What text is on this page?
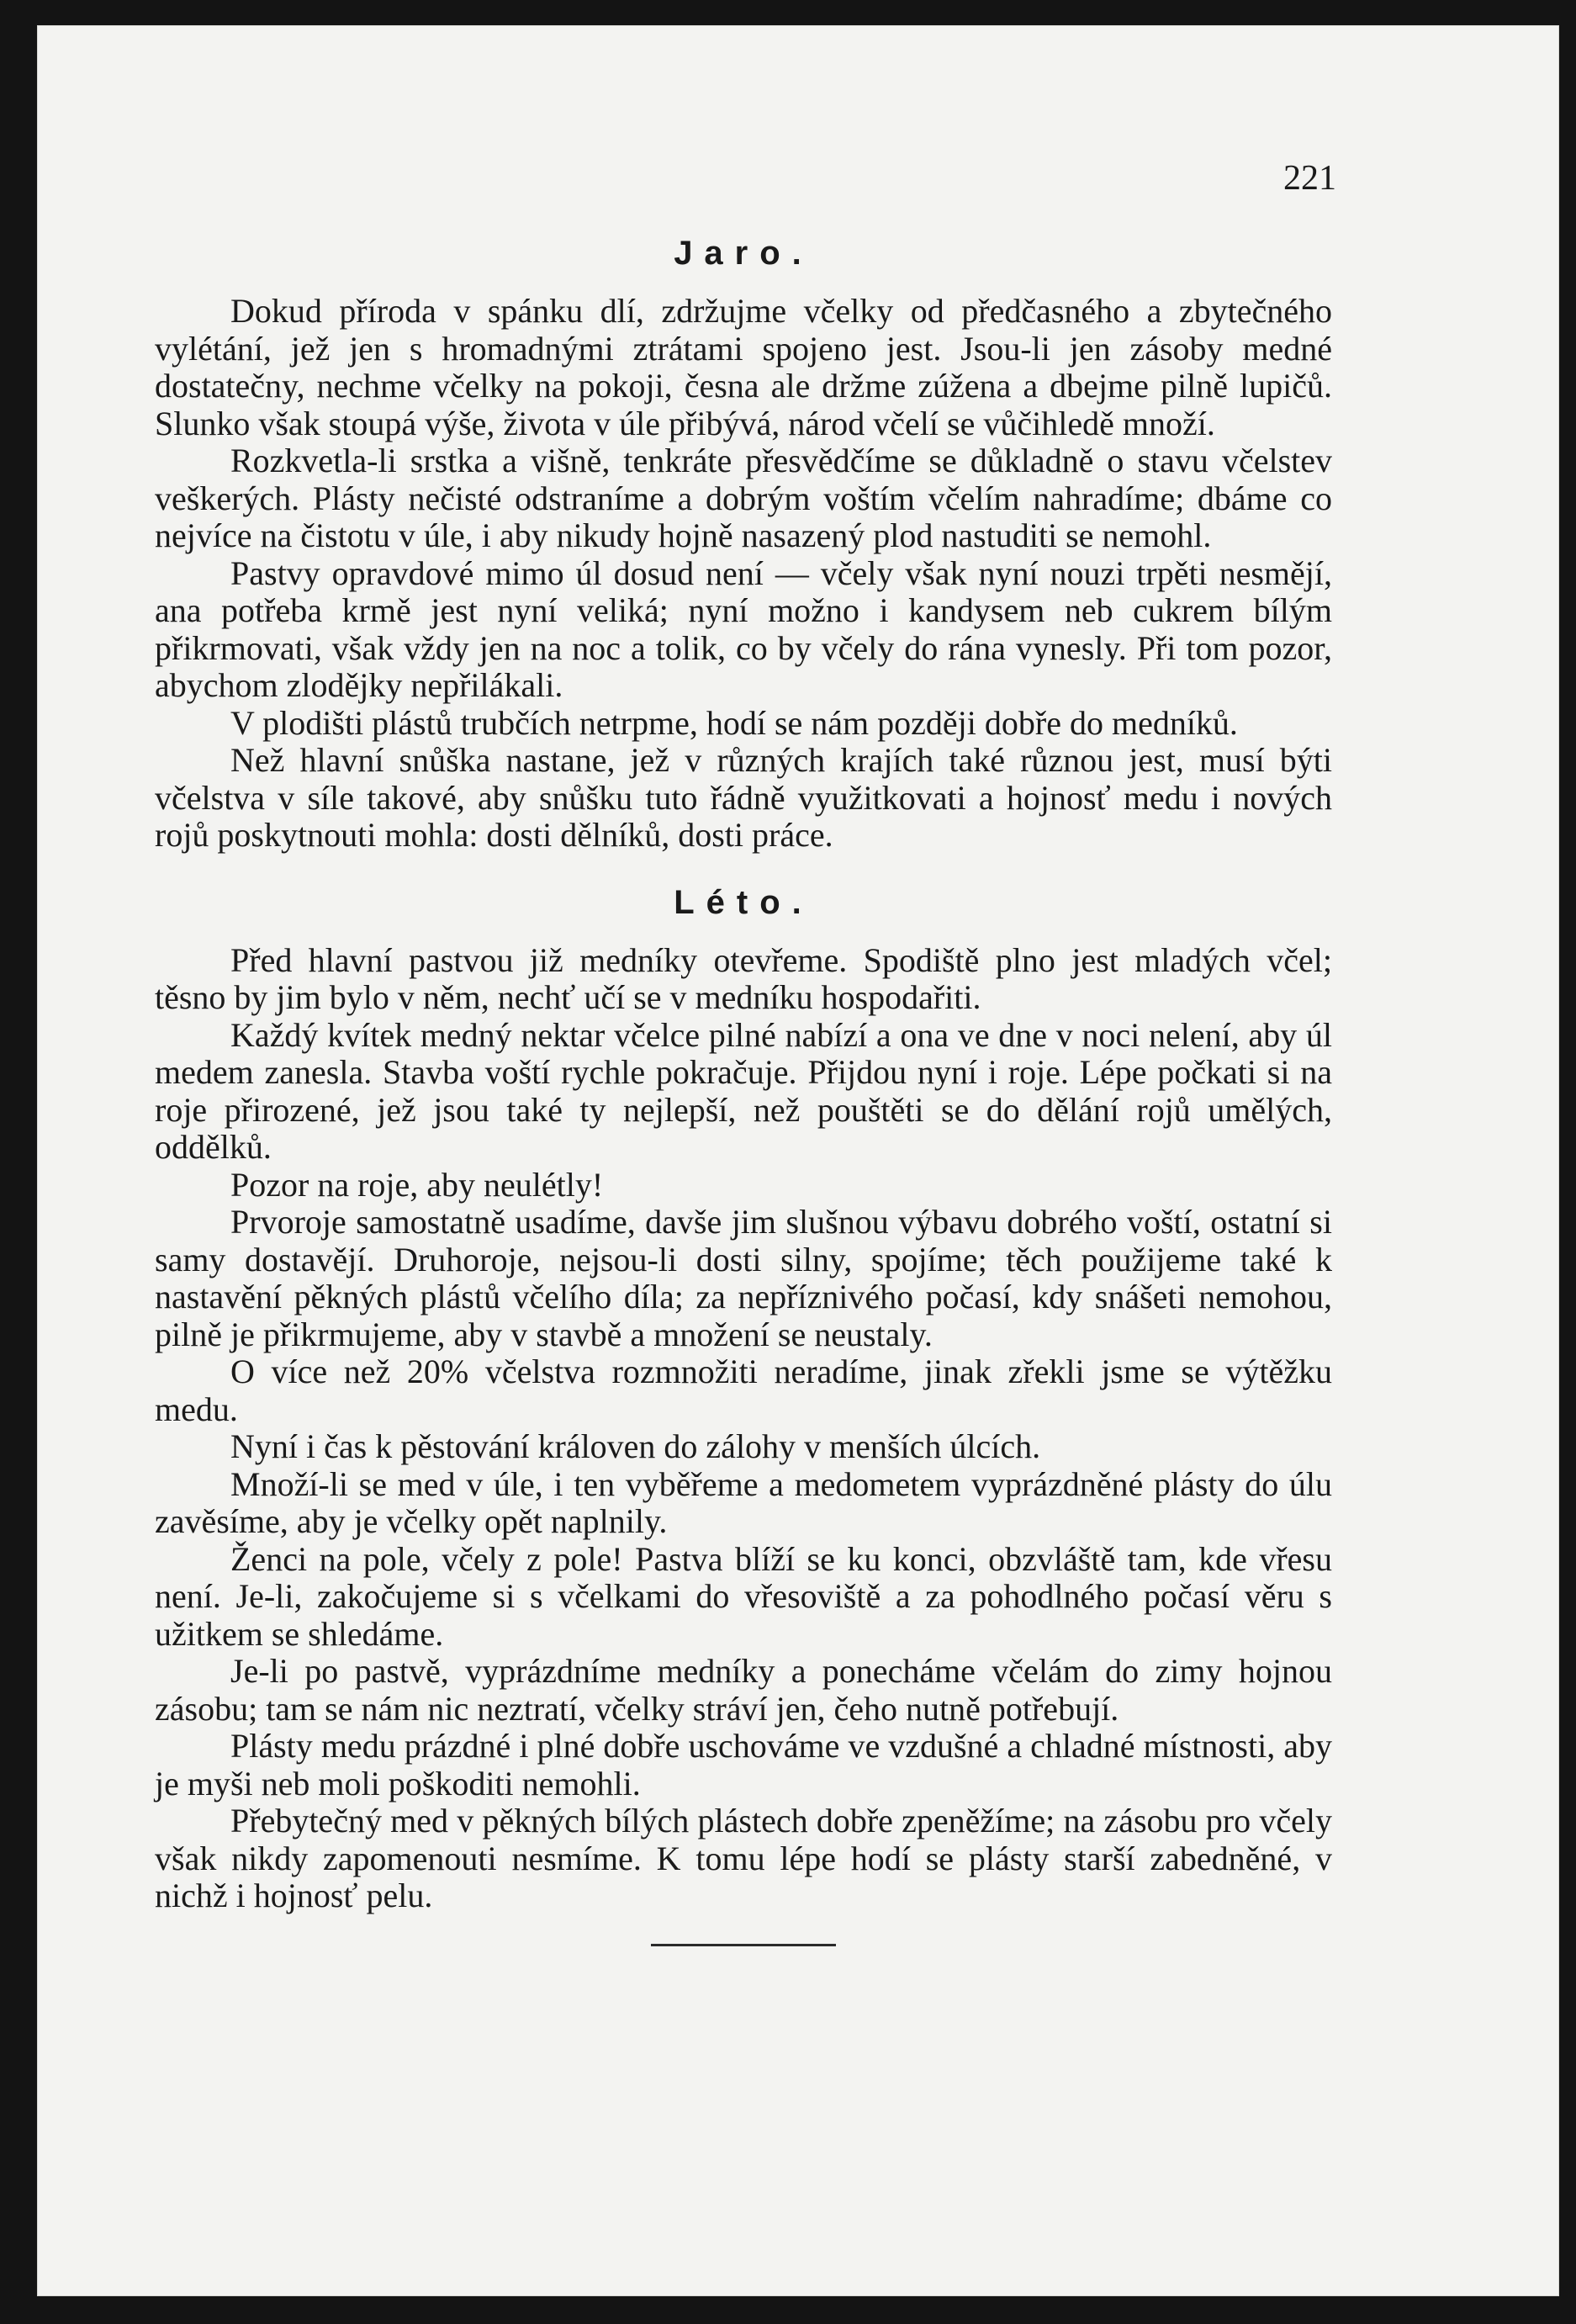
221
Jaro.

Dokud příroda v spánku dlí, zdržujme včelky od předčasného a zbytečného vylétání, jež jen s hromadnými ztrátami spojeno jest. Jsou-li jen zásoby medné dostatečny, nechme včelky na pokoji, česna ale držme zúžena a dbejme pilně lupičů. Slunko však stoupá výše, života v úle přibývá, národ včelí se vůčihledě množí.

Rozkvetla-li srstka a višně, tenkráte přesvědčíme se důkladně o stavu včelstev veškerých. Plásty nečisté odstraníme a dobrým voštím včelím nahradíme; dbáme co nejvíce na čistotu v úle, i aby nikudy hojně nasazený plod nastuditi se nemohl.

Pastvy opravdové mimo úl dosud není — včely však nyní nouzi trpěti nesmějí, ana potřeba krmě jest nyní veliká; nyní možno i kandysem neb cukrem bílým přikrmovati, však vždy jen na noc a tolik, co by včely do rána vynesly. Při tom pozor, abychom zlodějky nepřilákali.

V plodišti plástů trubčích netrpme, hodí se nám později dobře do medníků.

Než hlavní snůška nastane, jež v různých krajích také různou jest, musí býti včelstva v síle takové, aby snůšku tuto řádně využitkovati a hojnosť medu i nových rojů poskytnouti mohla: dosti dělníků, dosti práce.

Léto.

Před hlavní pastvou již medníky otevřeme. Spodiště plno jest mladých včel; těsno by jim bylo v něm, nechť učí se v medníku hospodařiti.

Každý kvítek medný nektar včelce pilné nabízí a ona ve dne v noci nelení, aby úl medem zanesla. Stavba voští rychle pokračuje. Přijdou nyní i roje. Lépe počkati si na roje přirozené, jež jsou také ty nejlepší, než pouštěti se do dělání rojů umělých, oddělků.

Pozor na roje, aby neulétly!

Prvoroje samostatně usadíme, davše jim slušnou výbavu dobrého voští, ostatní si samy dostavějí. Druhoroje, nejsou-li dosti silny, spojíme; těch použijeme také k nastavění pěkných plástů včelího díla; za nepříznivého počasí, kdy snášeti nemohou, pilně je přikrmujeme, aby v stavbě a množení se neustaly.

O více než 20% včelstva rozmnožiti neradíme, jinak zřekli jsme se výtěžku medu.

Nyní i čas k pěstování královen do zálohy v menších úlcích.

Množí-li se med v úle, i ten vyběřeme a medometem vyprázdněné plásty do úlu zavěsíme, aby je včelky opět naplnily.

Ženci na pole, včely z pole! Pastva blíží se ku konci, obzvláště tam, kde vřesu není. Je-li, zakočujeme si s včelkami do vřesoviště a za pohodlného počasí věru s užitkem se shledáme.

Je-li po pastvě, vyprázdníme medníky a ponecháme včelám do zimy hojnou zásobu; tam se nám nic neztratí, včelky stráví jen, čeho nutně potřebují.

Plásty medu prázdné i plné dobře uschováme ve vzdušné a chladné místnosti, aby je myši neb moli poškoditi nemohli.

Přebytečný med v pěkných bílých plástech dobře zpeněžíme; na zásobu pro včely však nikdy zapomenouti nesmíme. K tomu lépe hodí se plásty starší zabedněné, v nichž i hojnosť pelu.
